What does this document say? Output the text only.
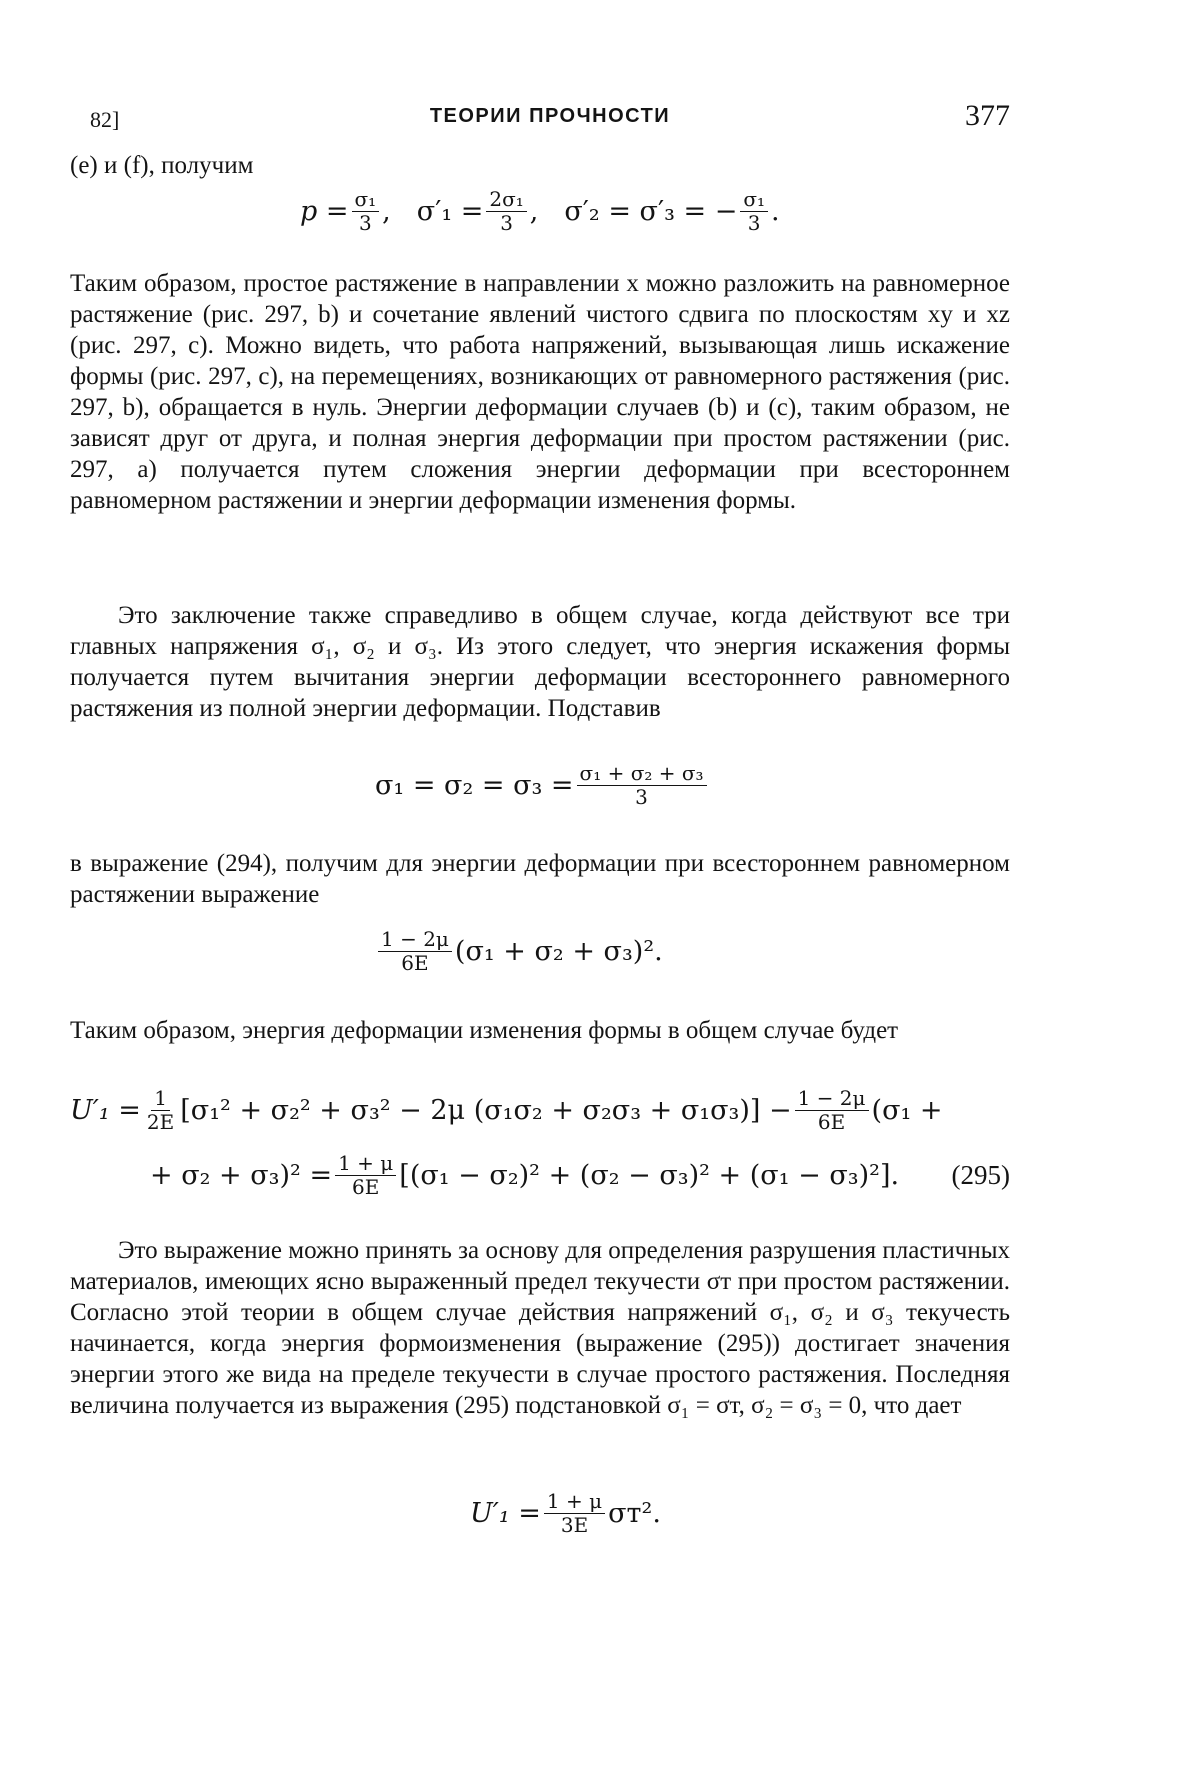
82]	ТЕОРИИ ПРОЧНОСТИ	377
(e) и (f), получим
$p = \frac{\text{σ₁}}{3}$ , $\sigma'_1 = \frac{\text{2σ₁}}{3}$ , σ′₂ = σ′₃ = − $\frac{\text{σ₁}}{3}$ .
Таким образом, простое растяжение в направлении x можно разложить на равномерное растяжение (рис. 297, b) и сочетание явлений чистого сдвига по плоскостям xy и xz (рис. 297, c). Можно видеть, что работа напряжений, вызывающая лишь искажение формы (рис. 297, c), на перемещениях, возникающих от равномерного растяжения (рис. 297, b), обращается в нуль. Энергии деформации случаев (b) и (c), таким образом, не зависят друг от друга, и полная энергия деформации при простом растяжении (рис. 297, a) получается путем сложения энергии деформации при всестороннем равномерном растяжении и энергии деформации изменения формы.
Это заключение также справедливо в общем случае, когда действуют все три главных напряжения σ₁, σ₂ и σ₃. Из этого следует, что энергия искажения формы получается путем вычитания энергии деформации всестороннего равномерного растяжения из полной энергии деформации. Подставив
$\sigma_1 = \sigma_2 = \sigma_3 = \frac{\text{σ₁ + σ₂ + σ₃}}{3}$
в выражение (294), получим для энергии деформации при всестороннем равномерном растяжении выражение
$\frac{1 - 2\mu}{6E} (\sigma_1 + \sigma_2 + \sigma_3)^2$.
Таким образом, энергия деформации изменения формы в общем случае будет
$U'_1 = \frac{1}{2E} [\sigma_1^2 + \sigma_2^2 + \sigma_3^2 - 2\mu$ $(\sigma_1\sigma_2 + \sigma_2\sigma_3 + \sigma_1\sigma_3)] - \frac{1 - 2\mu}{6E} (\sigma_1$ +
+ $\sigma_2 + \sigma_3)^2 = \frac{1 + \mu}{6E} [(\sigma_1 - \sigma_2)^2 + (\sigma_2 - \sigma_3)^2 + (\sigma_1 - \sigma_3)^2]$. (295)
Это выражение можно принять за основу для определения разрушения пластичных материалов, имеющих ясно выраженный предел текучести σт при простом растяжении. Согласно этой теории в общем случае действия напряжений σ₁, σ₂ и σ₃ текучесть начинается, когда энергия формоизменения (выражение (295)) достигает значения энергии этого же вида на пределе текучести в случае простого растяжения. Последняя величина получается из выражения (295) подстановкой σ₁ = σт, σ₂ = σ₃ = 0, что дает
$U'_1 = \frac{1 + \mu}{3E} \sigma т^2$.
